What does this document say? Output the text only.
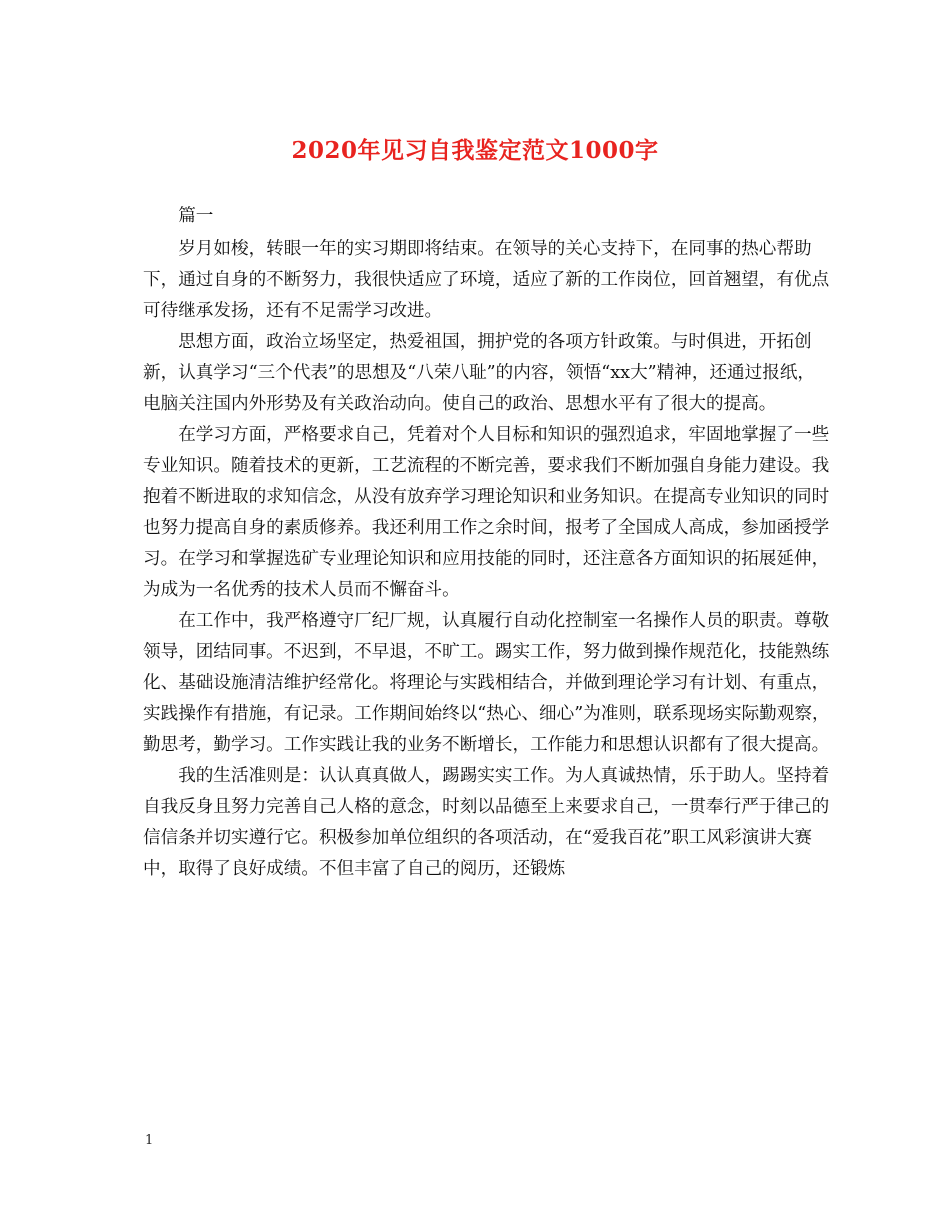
2020年见习自我鉴定范文1000字

篇一

岁月如梭，转眼一年的实习期即将结束。在领导的关心支持下，在同事的热心帮助下，通过自身的不断努力，我很快适应了环境，适应了新的工作岗位，回首翘望，有优点可待继承发扬，还有不足需学习改进。

思想方面，政治立场坚定，热爱祖国，拥护党的各项方针政策。与时俱进，开拓创新，认真学习“三个代表”的思想及“八荣八耻”的内容，领悟“xx大”精神，还通过报纸，电脑关注国内外形势及有关政治动向。使自己的政治、思想水平有了很大的提高。

在学习方面，严格要求自己，凭着对个人目标和知识的强烈追求，牢固地掌握了一些专业知识。随着技术的更新，工艺流程的不断完善，要求我们不断加强自身能力建设。我抱着不断进取的求知信念，从没有放弃学习理论知识和业务知识。在提高专业知识的同时也努力提高自身的素质修养。我还利用工作之余时间，报考了全国成人高成，参加函授学习。在学习和掌握选矿专业理论知识和应用技能的同时，还注意各方面知识的拓展延伸，为成为一名优秀的技术人员而不懈奋斗。

在工作中，我严格遵守厂纪厂规，认真履行自动化控制室一名操作人员的职责。尊敬领导，团结同事。不迟到，不早退，不旷工。踢实工作，努力做到操作规范化，技能熟练化、基础设施清洁维护经常化。将理论与实践相结合，并做到理论学习有计划、有重点，实践操作有措施，有记录。工作期间始终以“热心、细心”为准则，联系现场实际勤观察，勤思考，勤学习。工作实践让我的业务不断增长，工作能力和思想认识都有了很大提高。

我的生活准则是：认认真真做人，踢踢实实工作。为人真诚热情，乐于助人。坚持着自我反身且努力完善自己人格的意念，时刻以品德至上来要求自己，一贯奉行严于律己的信信条并切实遵行它。积极参加单位组织的各项活动，在“爱我百花”职工风彩演讲大赛中，取得了良好成绩。不但丰富了自己的阅历，还锻炼

1
